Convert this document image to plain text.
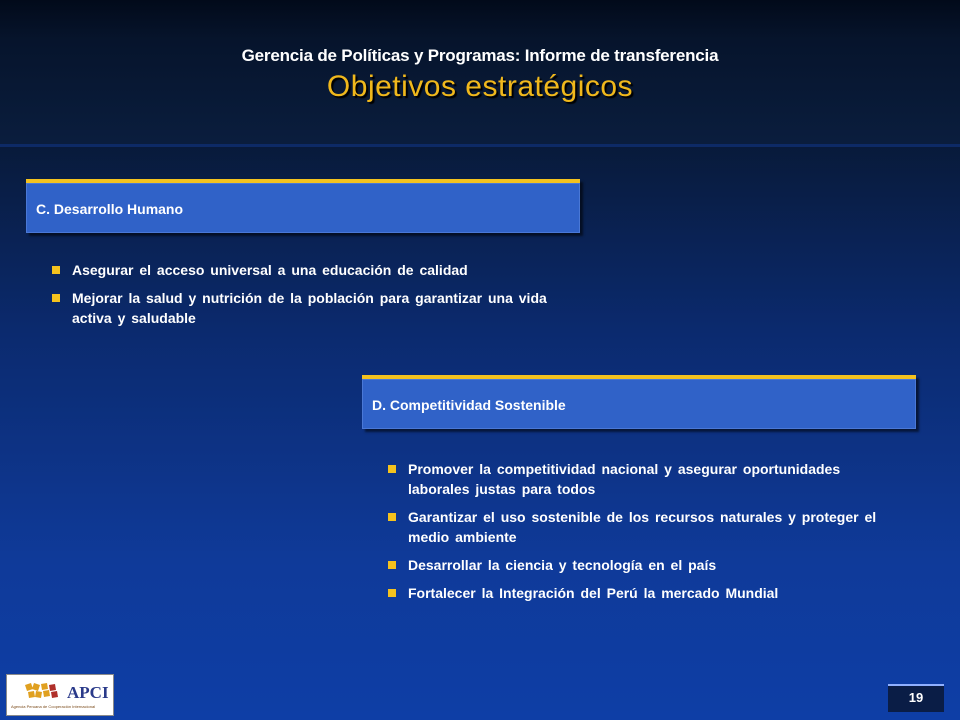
Gerencia de Políticas y Programas: Informe de transferencia
Objetivos estratégicos
C. Desarrollo Humano
Asegurar el acceso universal a una educación de calidad
Mejorar la salud y nutrición de la población para garantizar una vida activa y saludable
D. Competitividad Sostenible
Promover la competitividad nacional y asegurar oportunidades laborales justas para todos
Garantizar el uso sostenible de los recursos naturales y proteger el medio ambiente
Desarrollar la ciencia y tecnología en el país
Fortalecer la Integración del Perú la mercado Mundial
APCI
Agencia Peruana de Cooperación Internacional
19
